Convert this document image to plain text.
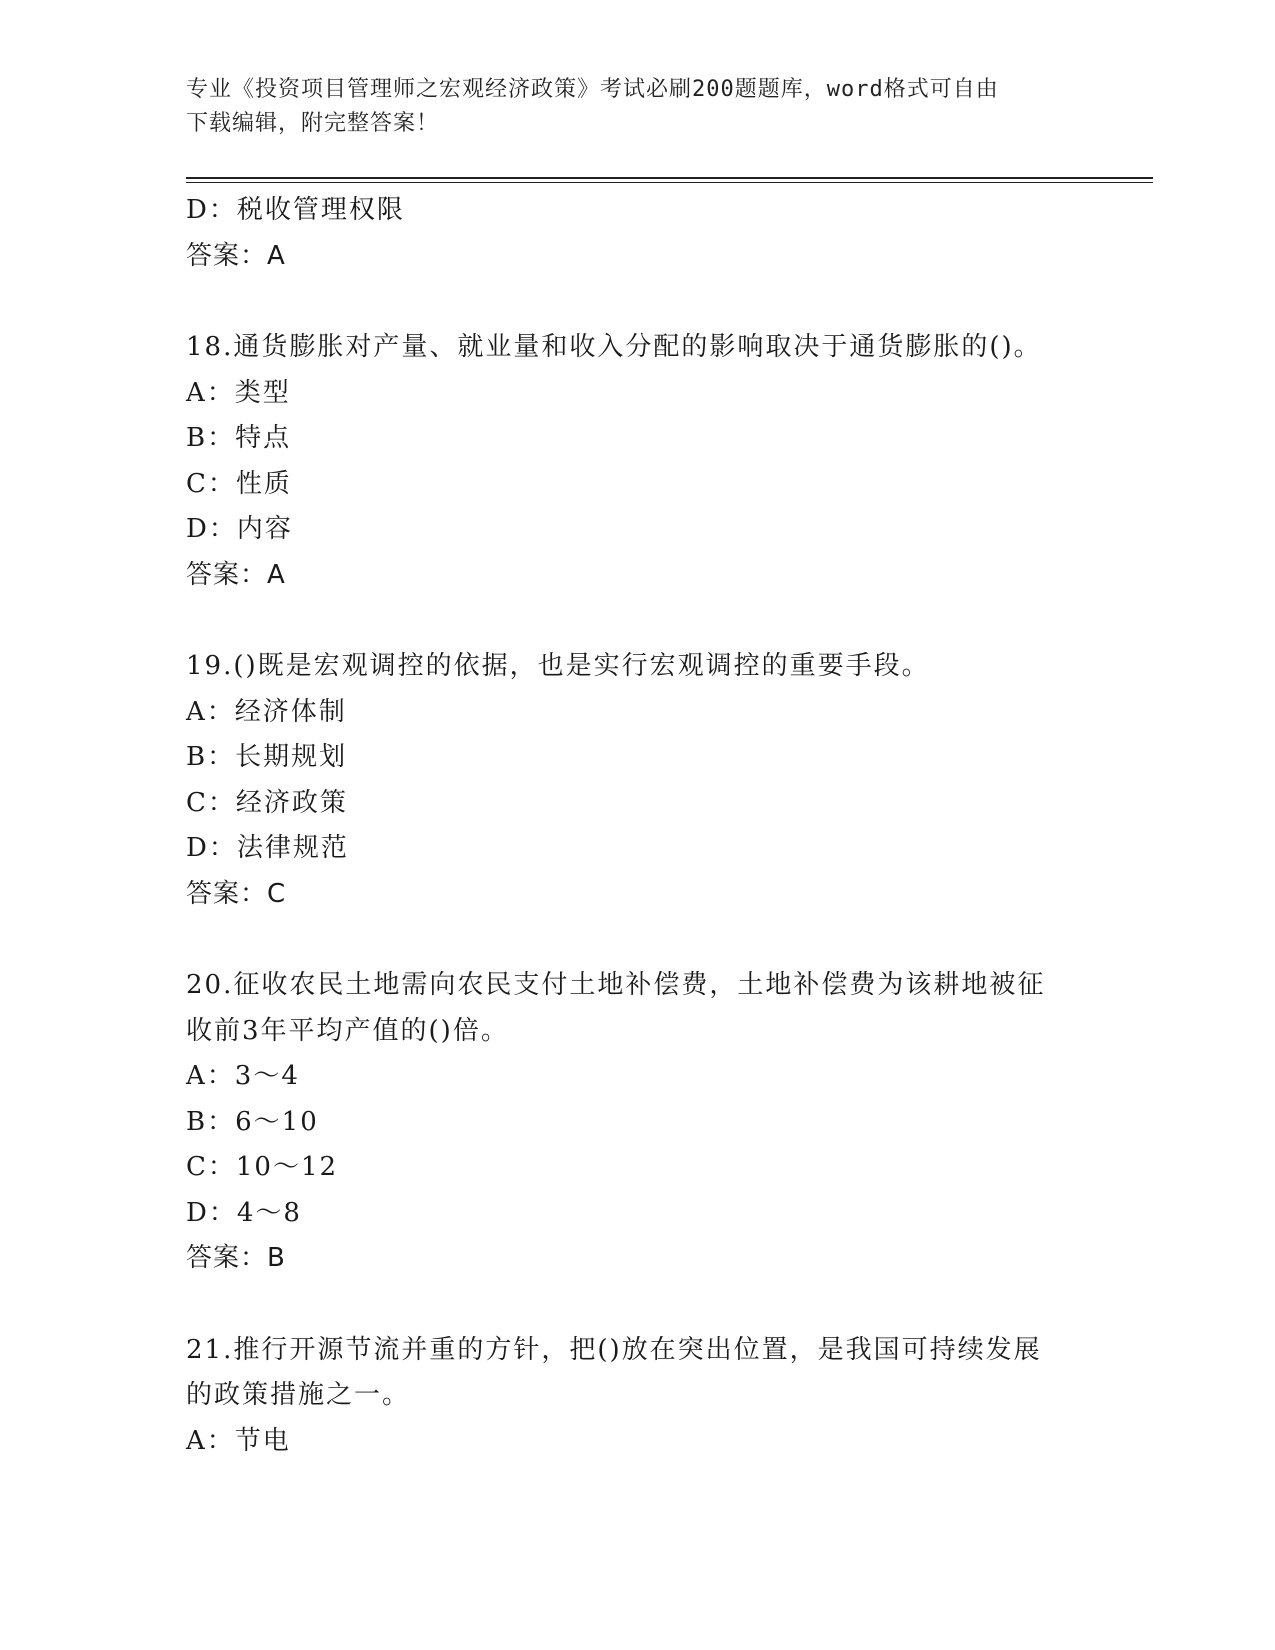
专业《投资项目管理师之宏观经济政策》考试必刷200题题库，word格式可自由
下载编辑，附完整答案！
D：税收管理权限
答案：A
18.通货膨胀对产量、就业量和收入分配的影响取决于通货膨胀的()。
A：类型
B：特点
C：性质
D：内容
答案：A
19.()既是宏观调控的依据，也是实行宏观调控的重要手段。
A：经济体制
B：长期规划
C：经济政策
D：法律规范
答案：C
20.征收农民土地需向农民支付土地补偿费，土地补偿费为该耕地被征
收前3年平均产值的()倍。
A：3～4
B：6～10
C：10～12
D：4～8
答案：B
21.推行开源节流并重的方针，把()放在突出位置，是我国可持续发展
的政策措施之一。
A：节电
